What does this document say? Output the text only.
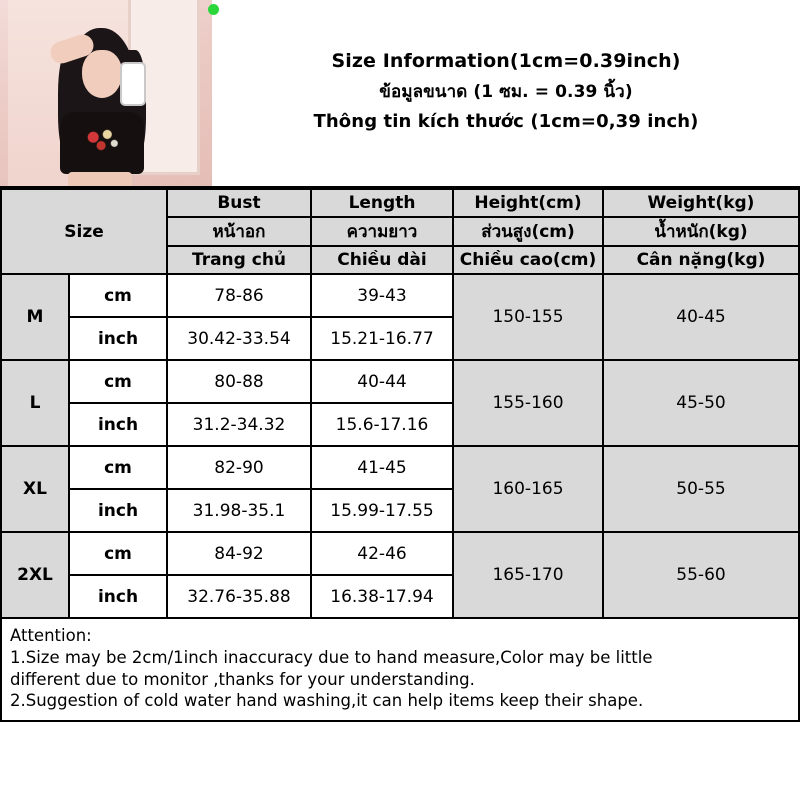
Size Information(1cm=0.39inch)
ข้อมูลขนาด (1 ซม. = 0.39 นิ้ว)
Thông tin kích thước (1cm=0,39 inch)
Size		Bust	Length	Height(cm)	Weight(kg)
		หน้าอก	ความยาว	ส่วนสูง(cm)	น้ำหนัก(kg)
		Trang chủ	Chiều dài	Chiều cao(cm)	Cân nặng(kg)
M	cm	78-86	39-43	150-155	40-45
	inch	30.42-33.54	15.21-16.77		
L	cm	80-88	40-44	155-160	45-50
	inch	31.2-34.32	15.6-17.16		
XL	cm	82-90	41-45	160-165	50-55
	inch	31.98-35.1	15.99-17.55		
2XL	cm	84-92	42-46	165-170	55-60
	inch	32.76-35.88	16.38-17.94		
Attention:
1.Size may be 2cm/1inch inaccuracy due to hand measure,Color may be little
different due to monitor ,thanks for your understanding.
2.Suggestion of cold water hand washing,it can help items keep their shape.
